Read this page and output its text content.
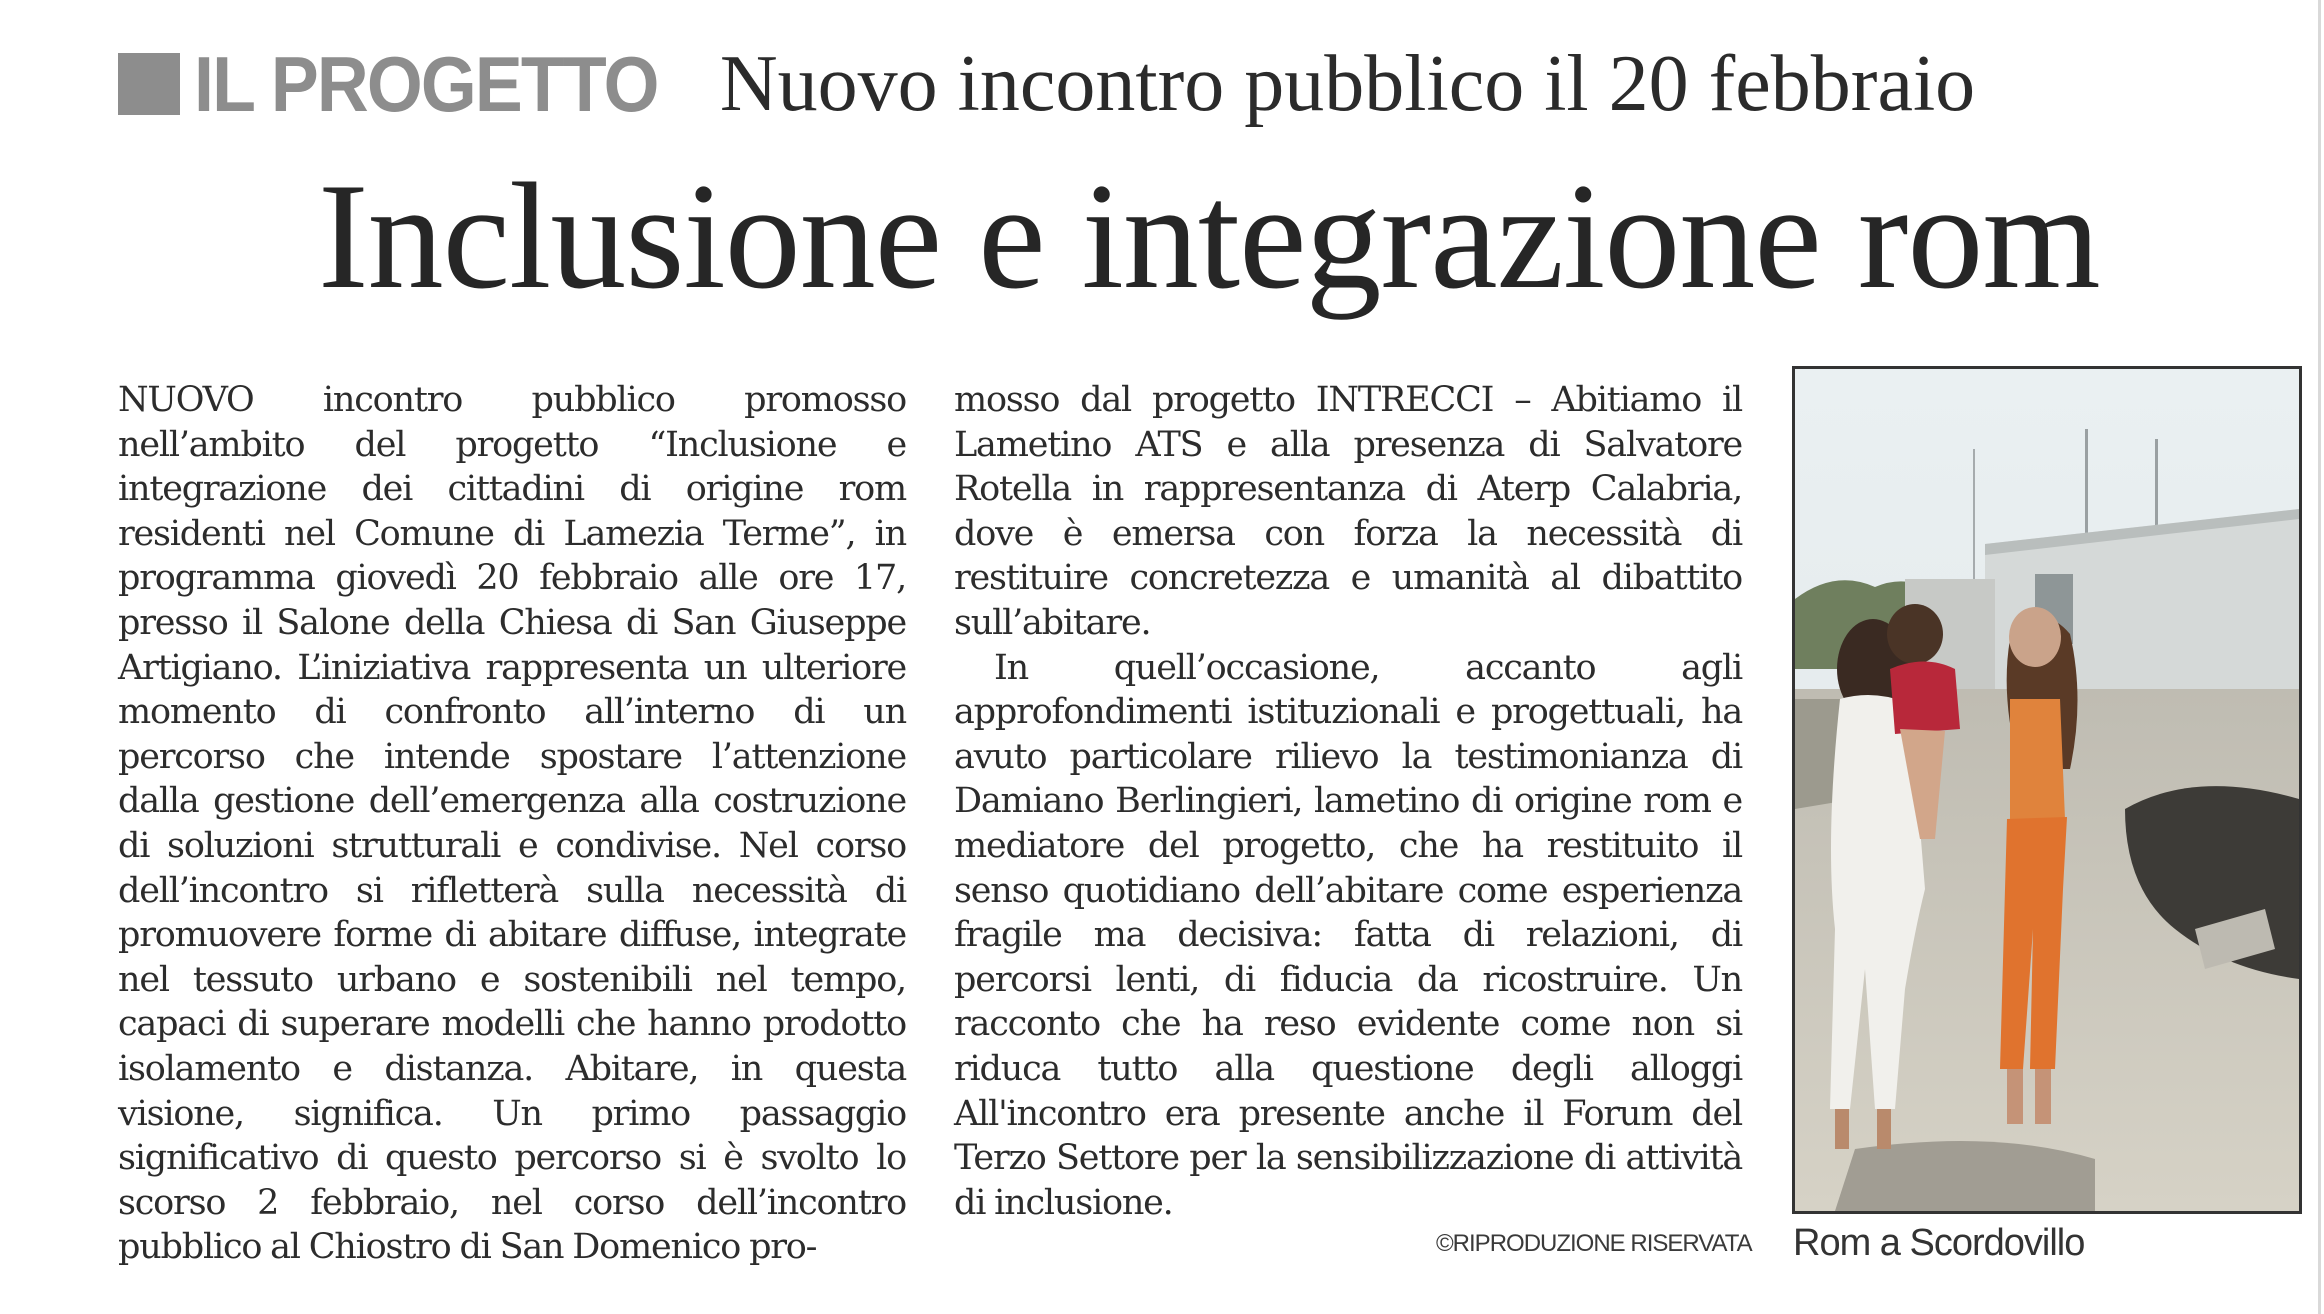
IL PROGETTO Nuovo incontro pubblico il 20 febbraio
Inclusione e integrazione rom

NUOVO incontro pubblico promosso nell’ambito del progetto “Inclusione e integrazione dei cittadini di origine rom residenti nel Comune di Lamezia Terme”, in programma giovedì 20 febbraio alle ore 17, presso il Salone della Chiesa di San Giuseppe Artigiano. L’iniziativa rappresenta un ulteriore momento di confronto all’interno di un percorso che intende spostare l’attenzione dalla gestione dell’emergenza alla costruzione di soluzioni strutturali e condivise. Nel corso dell’incontro si rifletterà sulla necessità di promuovere forme di abitare diffuse, integrate nel tessuto urbano e sostenibili nel tempo, capaci di superare modelli che hanno prodotto isolamento e distanza. Abitare, in questa visione, significa. Un primo passaggio significativo di questo percorso si è svolto lo scorso 2 febbraio, nel corso dell’incontro pubblico al Chiostro di San Domenico pro-

mosso dal progetto INTRECCI – Abitiamo il Lametino ATS e alla presenza di Salvatore Rotella in rappresentanza di Aterp Calabria, dove è emersa con forza la necessità di restituire concretezza e umanità al dibattito sull’abitare.

In quell’occasione, accanto agli approfondimenti istituzionali e progettuali, ha avuto particolare rilievo la testimonianza di Damiano Berlingieri, lametino di origine rom e mediatore del progetto, che ha restituito il senso quotidiano dell’abitare come esperienza fragile ma decisiva: fatta di relazioni, di percorsi lenti, di fiducia da ricostruire. Un racconto che ha reso evidente come non si riduca tutto alla questione degli alloggi All'incontro era presente anche il Forum del Terzo Settore per la sensibilizzazione di attività di inclusione.

©RIPRODUZIONE RISERVATA Rom a Scordovillo
